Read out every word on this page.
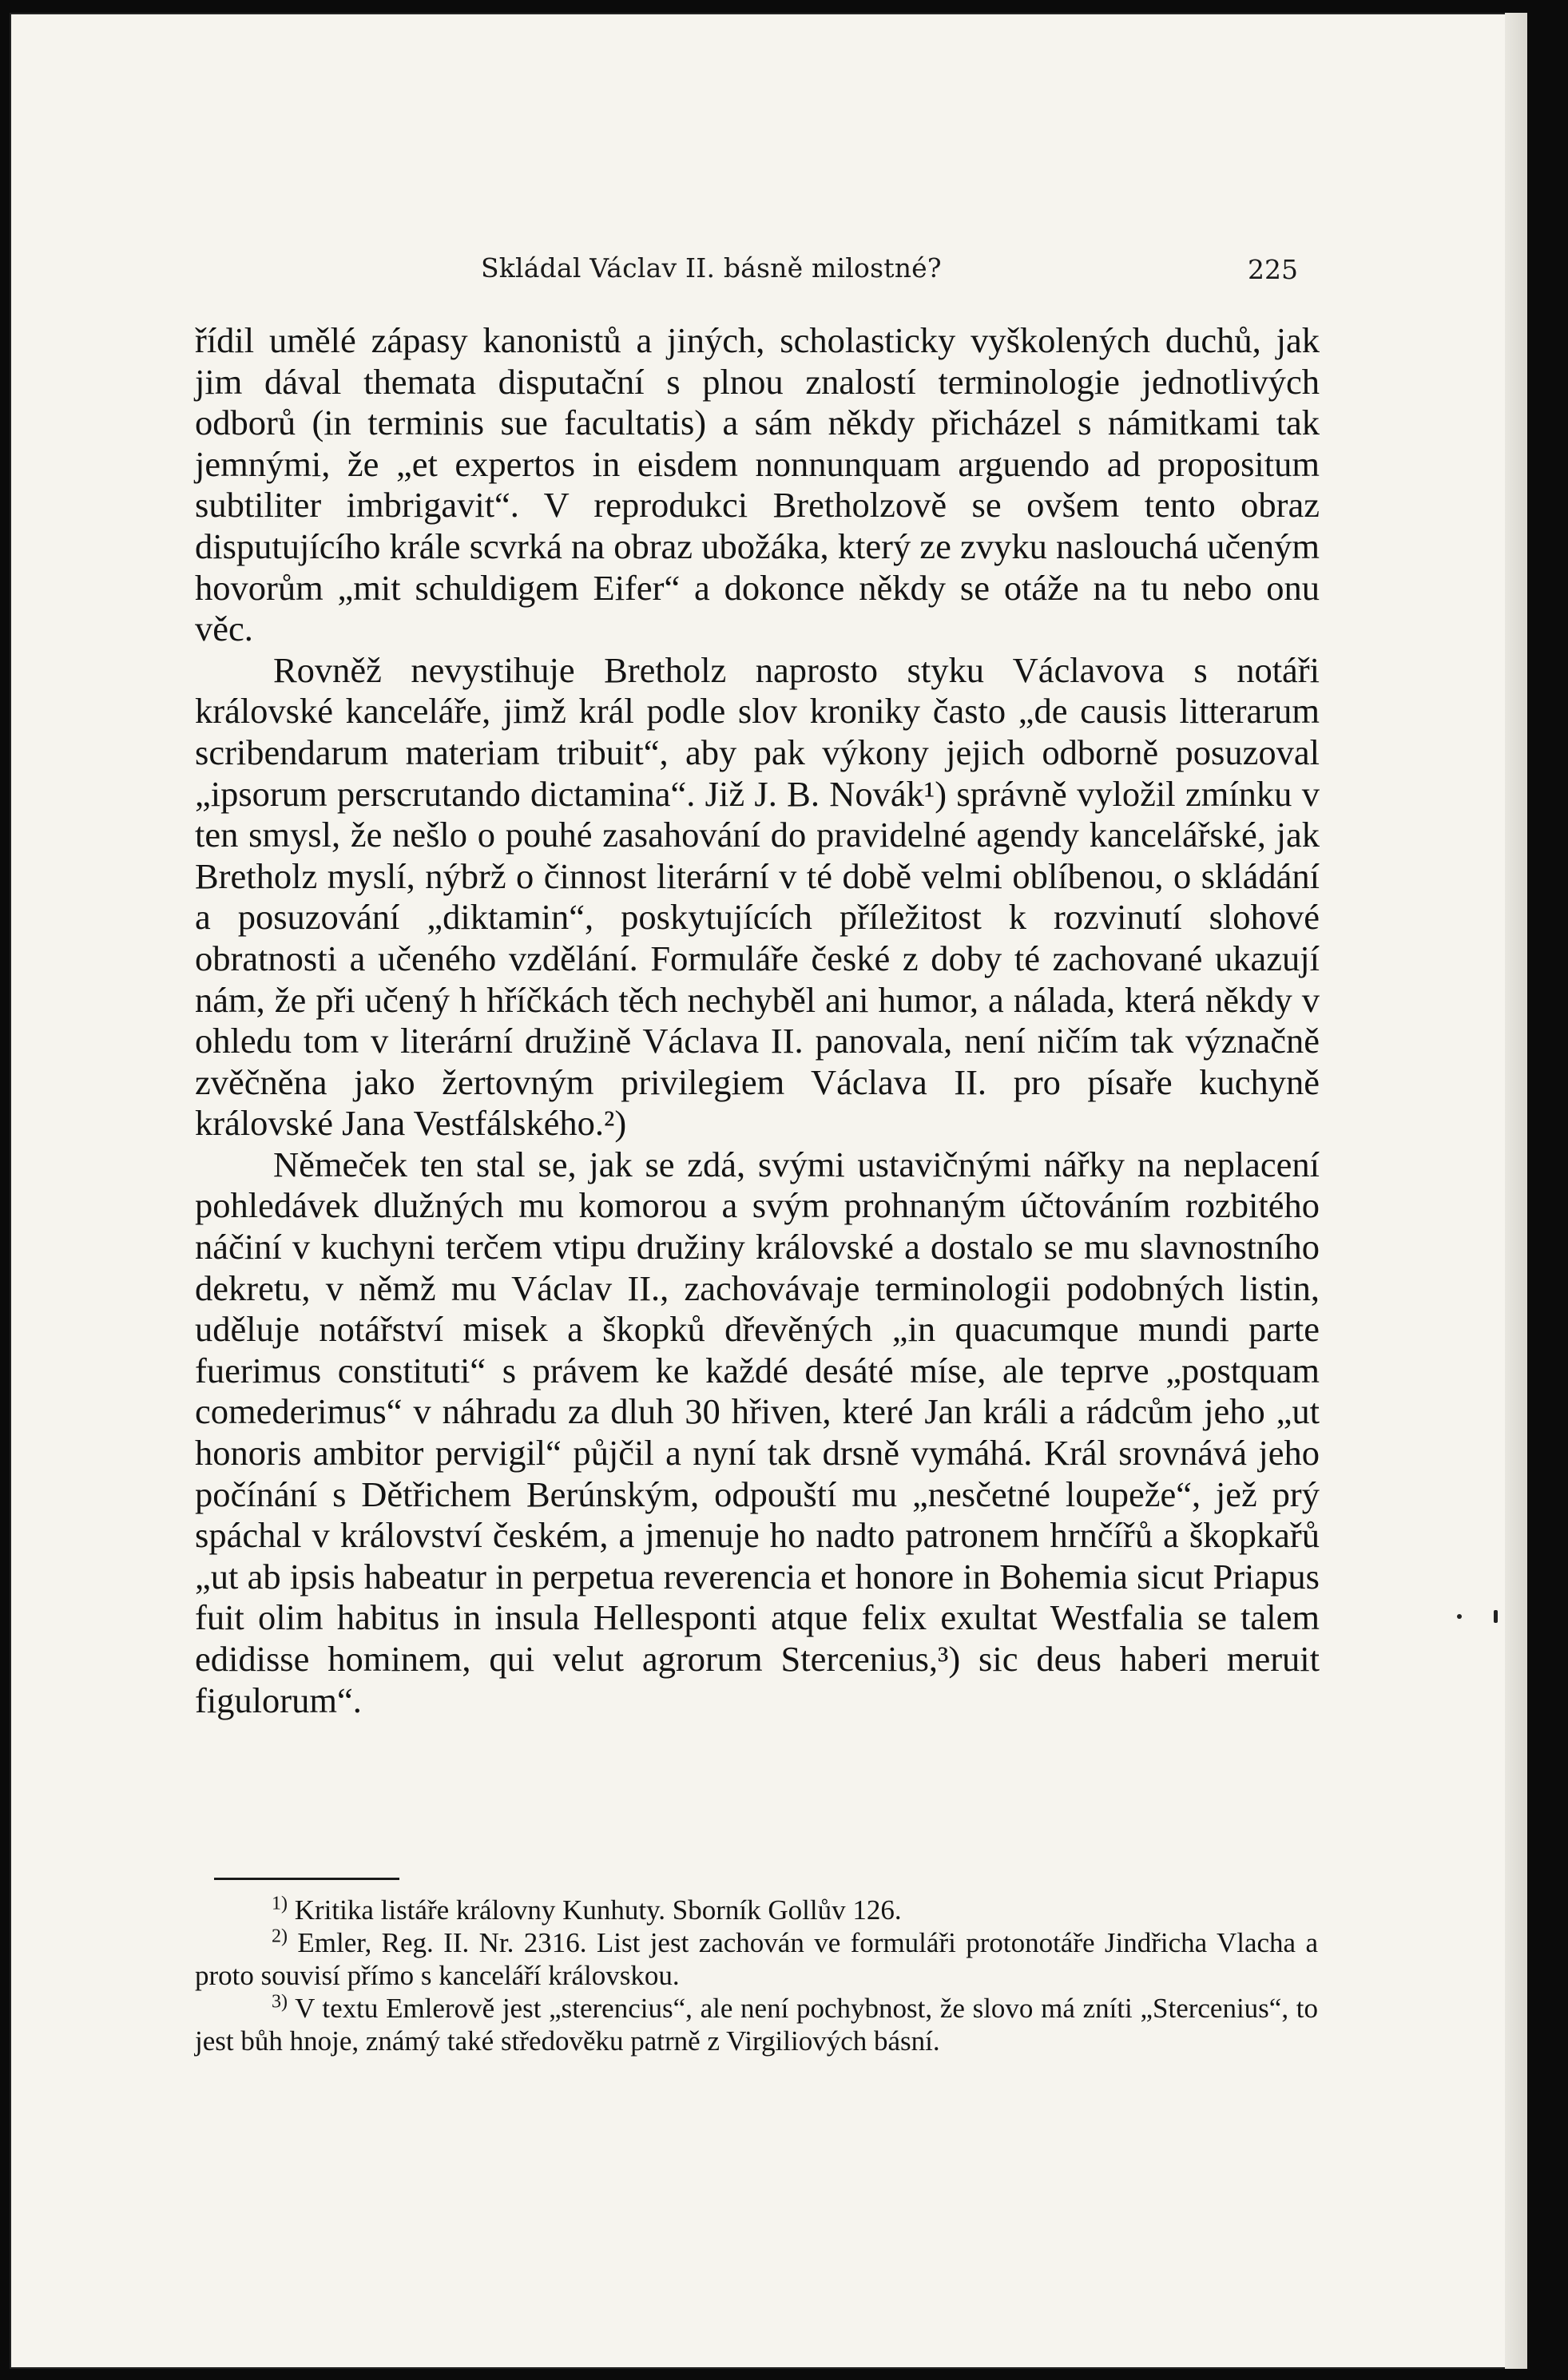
Skládal Václav II. básně milostné?	225

řídil umělé zápasy kanonistů a jiných, scholasticky vyškolených duchů, jak jim dával themata disputační s plnou znalostí terminologie jednotlivých odborů (in terminis sue facultatis) a sám někdy přicházel s námitkami tak jemnými, že „et expertos in eisdem nonnunquam arguendo ad propositum subtiliter imbrigavit“. V reprodukci Bretholzově se ovšem tento obraz disputujícího krále scvrká na obraz ubožáka, který ze zvyku naslouchá učeným hovorům „mit schuldigem Eifer“ a dokonce někdy se otáže na tu nebo onu věc.

Rovněž nevystihuje Bretholz naprosto styku Václavova s notáři královské kanceláře, jimž král podle slov kroniky často „de causis litterarum scribendarum materiam tribuit“, aby pak výkony jejich odborně posuzoval „ipsorum perscrutando dictamina“. Již J. B. Novák¹) správně vyložil zmínku v ten smysl, že nešlo o pouhé zasahování do pravidelné agendy kancelářské, jak Bretholz myslí, nýbrž o činnost literární v té době velmi oblíbenou, o skládání a posuzování „diktamin“, poskytujících příležitost k rozvinutí slohové obratnosti a učeného vzdělání. Formuláře české z doby té zachované ukazují nám, že při učený h hříčkách těch nechyběl ani humor, a nálada, která někdy v ohledu tom v literární družině Václava II. panovala, není ničím tak význačně zvěčněna jako žertovným privilegiem Václava II. pro písaře kuchyně královské Jana Vestfálského.²)

Němeček ten stal se, jak se zdá, svými ustavičnými nářky na neplacení pohledávek dlužných mu komorou a svým prohnaným účtováním rozbitého náčiní v kuchyni terčem vtipu družiny královské a dostalo se mu slavnostního dekretu, v němž mu Václav II., zachovávaje terminologii podobných listin, uděluje notářství misek a škopků dřevěných „in quacumque mundi parte fuerimus constituti“ s právem ke každé desáté míse, ale teprve „postquam comederimus“ v náhradu za dluh 30 hřiven, které Jan králi a rádcům jeho „ut honoris ambitor pervigil“ půjčil a nyní tak drsně vymáhá. Král srovnává jeho počínání s Dětřichem Berúnským, odpouští mu „nesčetné loupeže“, jež prý spáchal v království českém, a jmenuje ho nadto patronem hrnčířů a škopkařů „ut ab ipsis habeatur in perpetua reverencia et honore in Bohemia sicut Priapus fuit olim habitus in insula Hellesponti atque felix exultat Westfalia se talem edidisse hominem, qui velut agrorum Stercenius,³) sic deus haberi meruit figulorum“.

$^{1)}$ Kritika listáře královny Kunhuty. Sborník Gollův 126.

$^{2)}$ Emler, Reg. II. Nr. 2316. List jest zachován ve formuláři protonotáře Jindřicha Vlacha a proto souvisí přímo s kanceláří královskou.

$^{3)}$ V textu Emlerově jest „sterencius“, ale není pochybnost, že slovo má zníti „Stercenius“, to jest bůh hnoje, známý také středověku patrně z Virgiliových básní.
